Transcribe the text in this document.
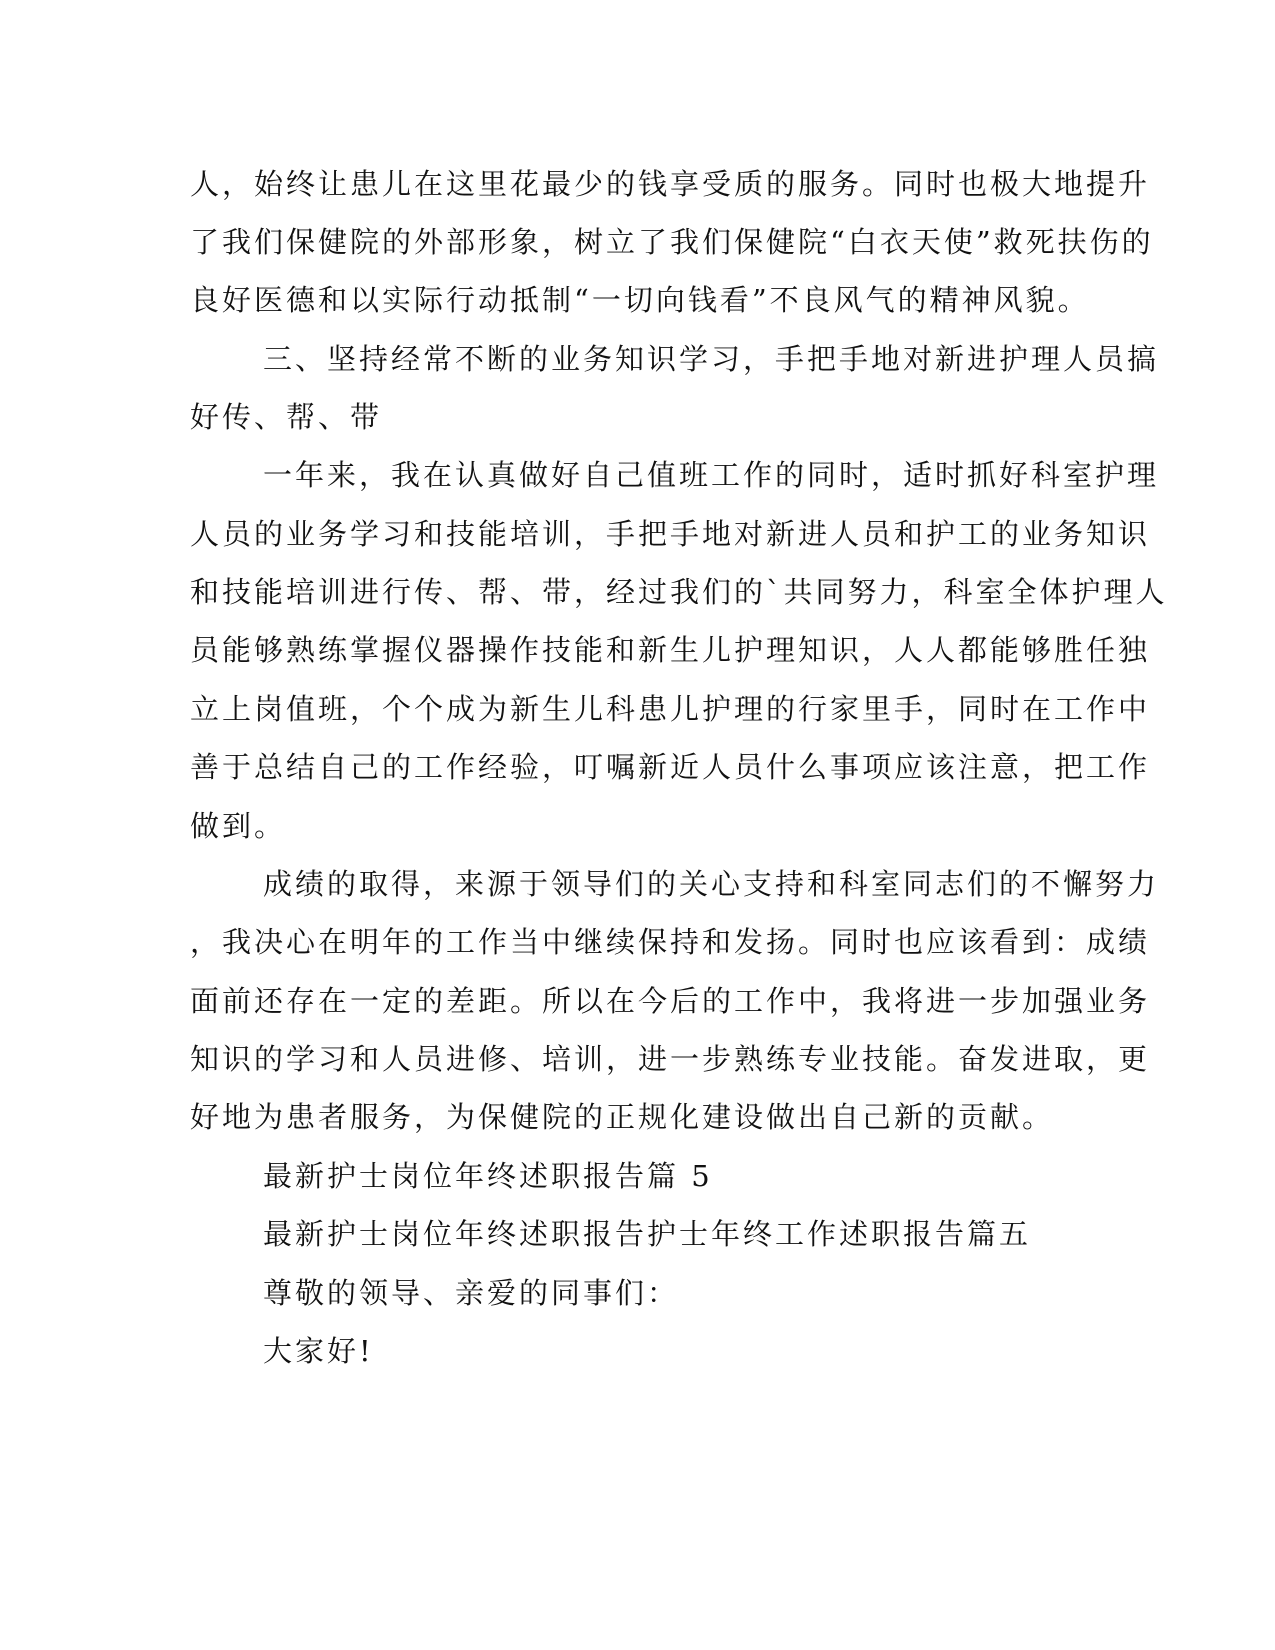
人，始终让患儿在这里花最少的钱享受质的服务。同时也极大地提升
了我们保健院的外部形象，树立了我们保健院“白衣天使”救死扶伤的
良好医德和以实际行动抵制“一切向钱看”不良风气的精神风貌。
三、坚持经常不断的业务知识学习，手把手地对新进护理人员搞
好传、帮、带
一年来，我在认真做好自己值班工作的同时，适时抓好科室护理
人员的业务学习和技能培训，手把手地对新进人员和护工的业务知识
和技能培训进行传、帮、带，经过我们的`共同努力，科室全体护理人
员能够熟练掌握仪器操作技能和新生儿护理知识，人人都能够胜任独
立上岗值班，个个成为新生儿科患儿护理的行家里手，同时在工作中
善于总结自己的工作经验，叮嘱新近人员什么事项应该注意，把工作
做到。
成绩的取得，来源于领导们的关心支持和科室同志们的不懈努力
，我决心在明年的工作当中继续保持和发扬。同时也应该看到：成绩
面前还存在一定的差距。所以在今后的工作中，我将进一步加强业务
知识的学习和人员进修、培训，进一步熟练专业技能。奋发进取，更
好地为患者服务，为保健院的正规化建设做出自己新的贡献。
最新护士岗位年终述职报告篇 5
最新护士岗位年终述职报告护士年终工作述职报告篇五
尊敬的领导、亲爱的同事们：
大家好!
